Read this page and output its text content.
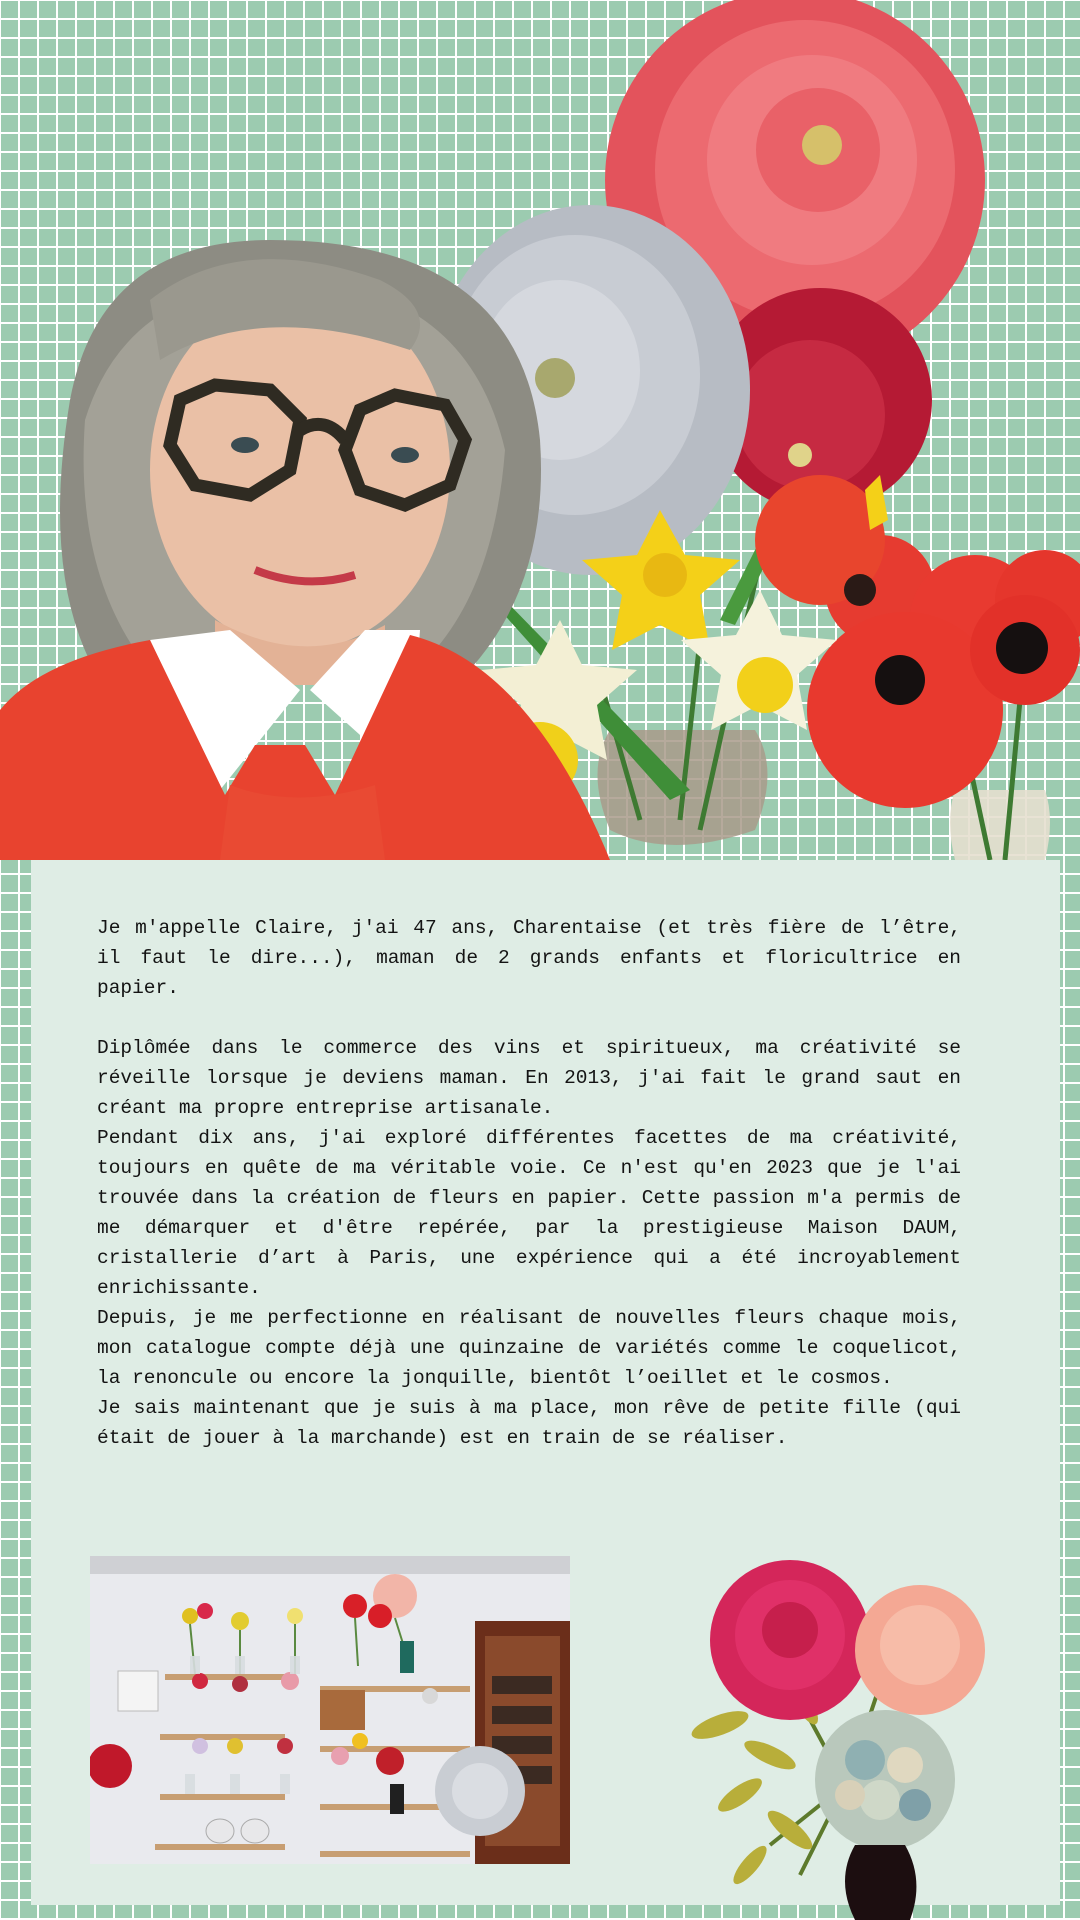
Je m'appelle Claire, j'ai 47 ans, Charentaise (et très fière de l’être, il faut le dire...), maman de 2 grands enfants et floricultrice en papier.

Diplômée dans le commerce des vins et spiritueux, ma créativité se réveille lorsque je deviens maman. En 2013, j'ai fait le grand saut en créant ma propre entreprise artisanale.

Pendant dix ans, j'ai exploré différentes facettes de ma créativité, toujours en quête de ma véritable voie. Ce n'est qu'en 2023 que je l'ai trouvée dans la création de fleurs en papier. Cette passion m'a permis de me démarquer et d'être repérée, par la prestigieuse Maison DAUM, cristallerie d’art à Paris, une expérience qui a été incroyablement enrichissante.

Depuis, je me perfectionne en réalisant de nouvelles fleurs chaque mois, mon catalogue compte déjà une quinzaine de variétés comme le coquelicot, la renoncule ou encore la jonquille, bientôt l’oeillet et le cosmos.

Je sais maintenant que je suis à ma place, mon rêve de petite fille (qui était de jouer à la marchande) est en train de se réaliser.
